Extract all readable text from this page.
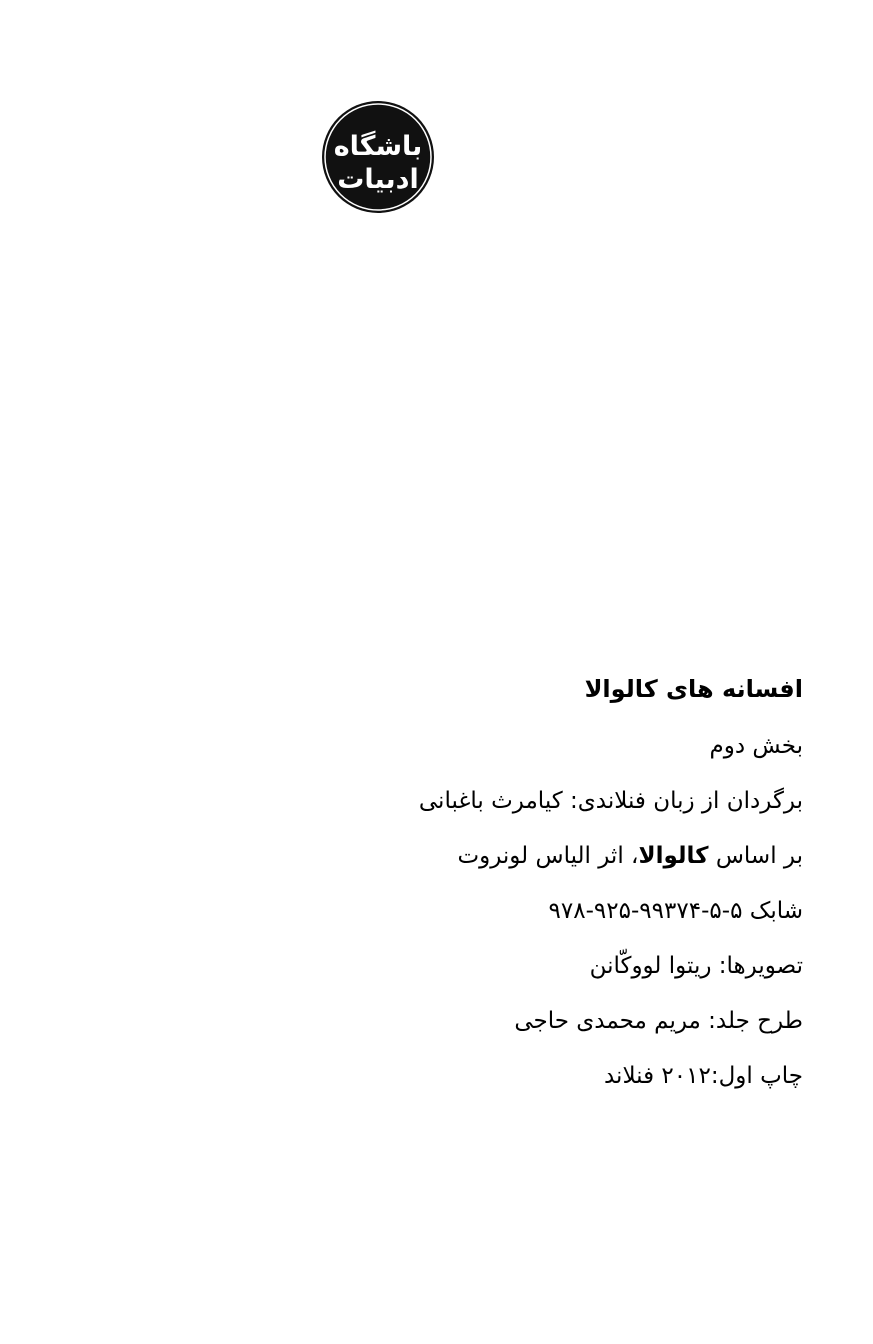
باشگاه
ادبیات
افسانه های کالوالا
بخش دوم
برگردان از زبان فنلاندی: کیامرث باغبانی
بر اساس کالوالا، اثر الیاس لونروت
شابک ۵-۵-۹۹۳۷۴-۹۲۵-۹۷۸
تصویرها: ریتوا لووکّانن
طرح جلد: مریم محمدی حاجی
چاپ اول:۲۰۱۲ فنلاند
